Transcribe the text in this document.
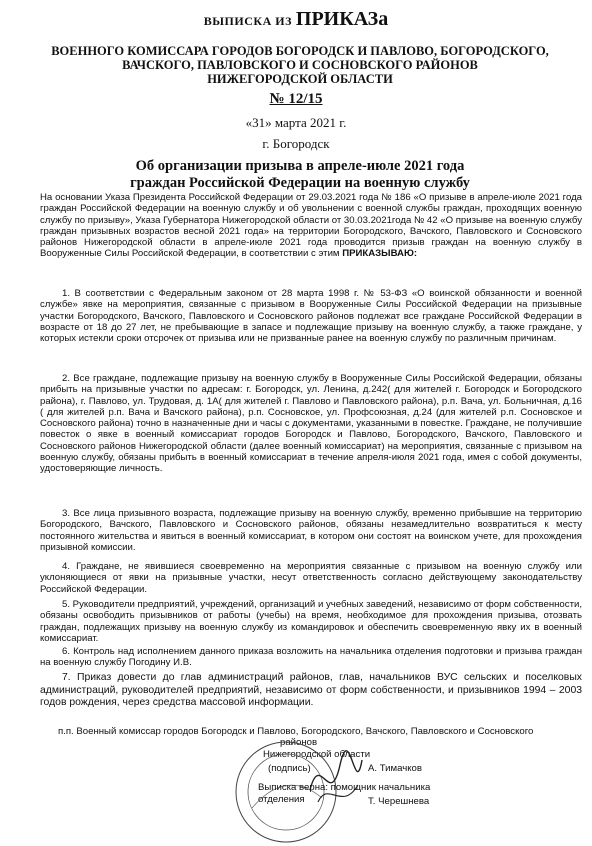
ВЫПИСКА ИЗ ПРИКАЗа
ВОЕННОГО КОМИССАРА ГОРОДОВ БОГОРОДСК И ПАВЛОВО, БОГОРОДСКОГО,
ВАЧСКОГО, ПАВЛОВСКОГО И СОСНОВСКОГО РАЙОНОВ
НИЖЕГОРОДСКОЙ ОБЛАСТИ
№ 12/15
«31» марта 2021 г.
г. Богородск
Об организации призыва в апреле-июле 2021 года
граждан Российской Федерации на военную службу
На основании Указа Президента Российской Федерации от 29.03.2021 года № 186 «О призыве в апреле-июле 2021 года граждан Российской Федерации на военную службу и об увольнении с военной службы граждан, проходящих военную службу по призыву», Указа Губернатора Нижегородской области от 30.03.2021года № 42 «О призыве на военную службу граждан призывных возрастов весной 2021 года» на территории Богородского, Вачского, Павловского и Сосновского районов Нижегородской области в апреле-июле 2021 года проводится призыв граждан на военную службу в Вооруженные Силы Российской Федерации, в соответствии с этим ПРИКАЗЫВАЮ:
1. В соответствии с Федеральным законом от 28 марта 1998 г. № 53-ФЗ «О воинской обязанности и военной службе» явке на мероприятия, связанные с призывом в Вооруженные Силы Российской Федерации на призывные участки Богородского, Вачского, Павловского и Сосновского районов подлежат все граждане Российской Федерации в возрасте от 18 до 27 лет, не пребывающие в запасе и подлежащие призыву на военную службу, а также граждане, у которых истекли сроки отсрочек от призыва или не призванные ранее на военную службу по различным причинам.
2. Все граждане, подлежащие призыву на военную службу в Вооруженные Силы Российской Федерации, обязаны прибыть на призывные участки по адресам: г. Богородск, ул. Ленина, д.242( для жителей г. Богородск и Богородского района), г. Павлово, ул. Трудовая, д. 1А( для жителей г. Павлово и Павловского района), р.п. Вача, ул. Больничная, д.16 ( для жителей р.п. Вача и Вачского района), р.п. Сосновское, ул. Профсоюзная, д.24 (для жителей р.п. Сосновское и Сосновского района) точно в назначенные дни и часы с документами, указанными в повестке. Граждане, не получившие повесток о явке в военный комиссариат городов Богородск и Павлово, Богородского, Вачского, Павловского и Сосновского районов Нижегородской области (далее военный комиссариат) на мероприятия, связанные с призывом на военную службу, обязаны прибыть в военный комиссариат в течение апреля-июля 2021 года, имея с собой документы, удостоверяющие личность.
3. Все лица призывного возраста, подлежащие призыву на военную службу, временно прибывшие на территорию Богородского, Вачского, Павловского и Сосновского районов, обязаны незамедлительно возвратиться к месту постоянного жительства и явиться в военный комиссариат, в котором они состоят на воинском учете, для прохождения призывной комиссии.
4. Граждане, не явившиеся своевременно на мероприятия связанные с призывом на военную службу или уклоняющиеся от явки на призывные участки, несут ответственность согласно действующему законодательству Российской Федерации.
5. Руководители предприятий, учреждений, организаций и учебных заведений, независимо от форм собственности, обязаны освободить призывников от работы (учебы) на время, необходимое для прохождения призыва, отозвать граждан, подлежащих призыву на военную службу из командировок и обеспечить своевременную явку их в военный комиссариат.
6. Контроль над исполнением данного приказа возложить на начальника отделения подготовки и призыва граждан на военную службу Погодину И.В.
7. Приказ довести до глав администраций районов, глав, начальников ВУС сельских и поселковых администраций, руководителей предприятий, независимо от форм собственности, и призывников 1994 – 2003 годов рождения, через средства массовой информации.
п.п. Военный комиссар городов Богородск и Павлово, Богородского, Вачского, Павловского и Сосновского
районов
Нижегородской области
(подпись)	А. Тимачков
Выписка верна: помощник начальника
отделения	Т. Черешнева
